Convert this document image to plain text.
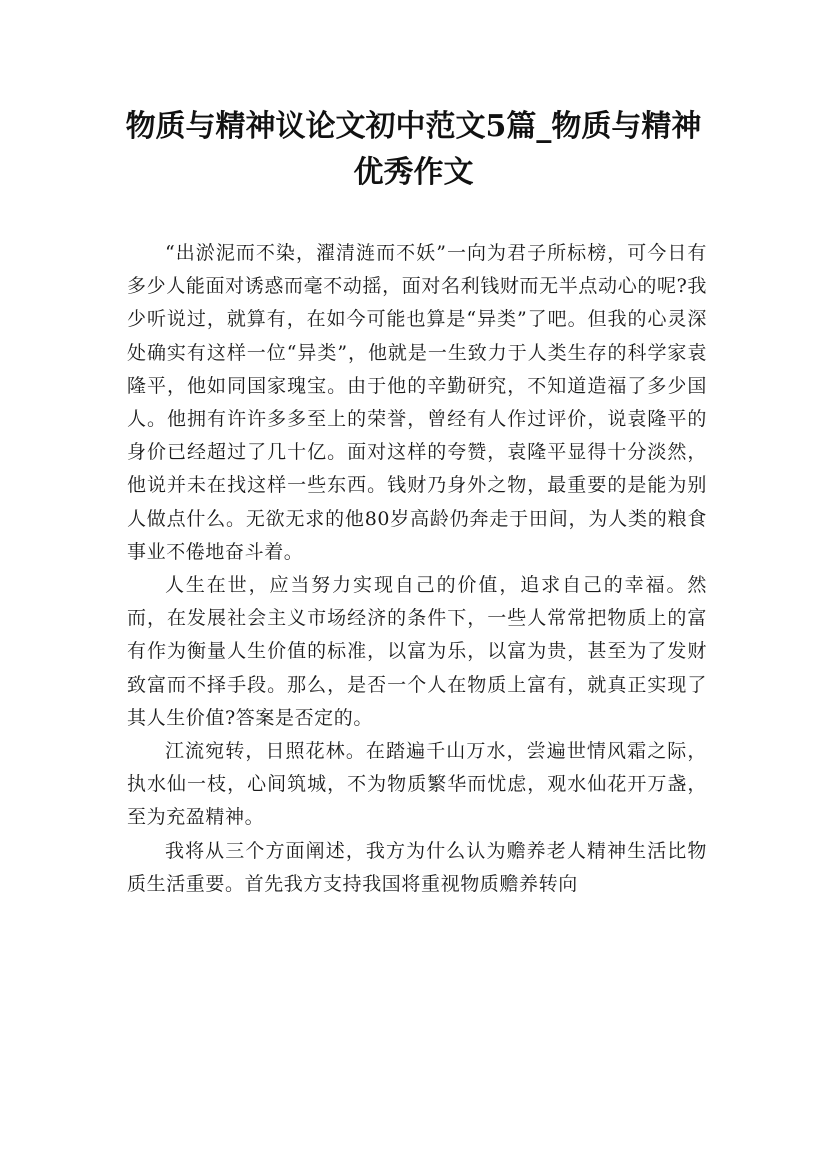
物质与精神议论文初中范文5篇_物质与精神优秀作文

“出淤泥而不染，濯清涟而不妖”一向为君子所标榜，可今日有多少人能面对诱惑而毫不动摇，面对名利钱财而无半点动心的呢?我少听说过，就算有，在如今可能也算是“异类”了吧。但我的心灵深处确实有这样一位“异类”，他就是一生致力于人类生存的科学家袁隆平，他如同国家瑰宝。由于他的辛勤研究，不知道造福了多少国人。他拥有许许多多至上的荣誉，曾经有人作过评价，说袁隆平的身价已经超过了几十亿。面对这样的夸赞，袁隆平显得十分淡然，他说并未在找这样一些东西。钱财乃身外之物，最重要的是能为别人做点什么。无欲无求的他80岁高龄仍奔走于田间，为人类的粮食事业不倦地奋斗着。

人生在世，应当努力实现自己的价值，追求自己的幸福。然而，在发展社会主义市场经济的条件下，一些人常常把物质上的富有作为衡量人生价值的标准，以富为乐，以富为贵，甚至为了发财致富而不择手段。那么，是否一个人在物质上富有，就真正实现了其人生价值?答案是否定的。

江流宛转，日照花林。在踏遍千山万水，尝遍世情风霜之际，执水仙一枝，心间筑城，不为物质繁华而忧虑，观水仙花开万盏，至为充盈精神。

我将从三个方面阐述，我方为什么认为赡养老人精神生活比物质生活重要。首先我方支持我国将重视物质赡养转向
